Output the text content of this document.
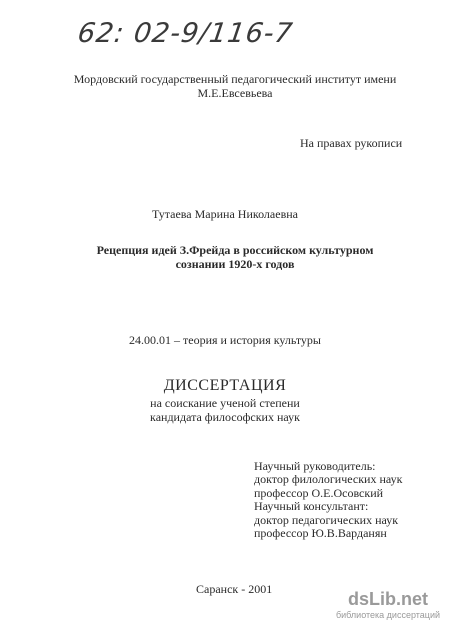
62: 02-9/116-7
Мордовский государственный педагогический институт имени М.Е.Евсевьева
На правах рукописи
Тутаева Марина Николаевна
Рецепция идей З.Фрейда в российском культурном сознании 1920-х годов
24.00.01 – теория и история культуры
ДИССЕРТАЦИЯ
на соискание ученой степени
кандидата философских наук
Научный руководитель:
доктор филологических наук
профессор О.Е.Осовский
Научный консультант:
доктор педагогических наук
профессор Ю.В.Варданян
Саранск - 2001	dsLib.net
библиотека диссертаций
